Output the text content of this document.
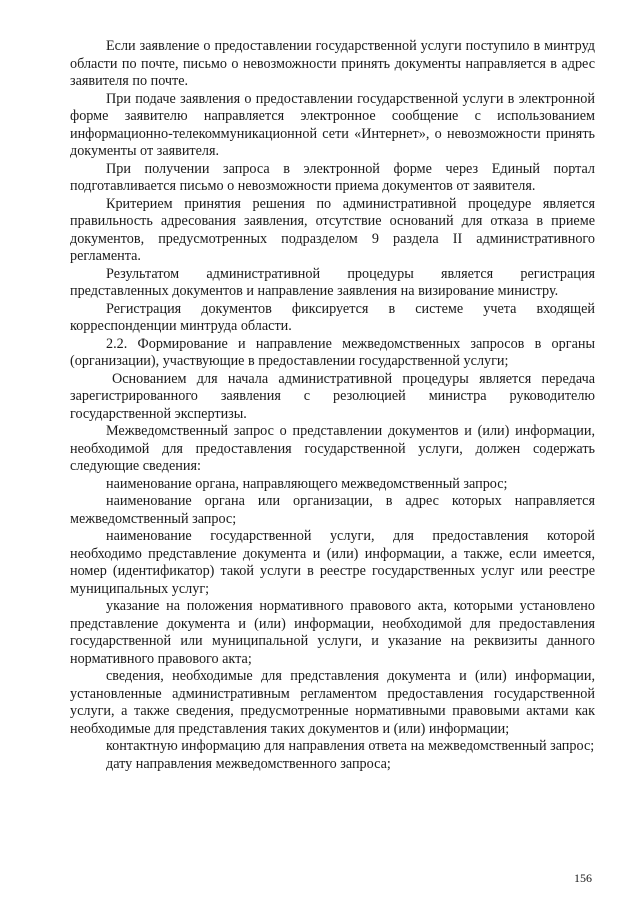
Если заявление о предоставлении государственной услуги поступило в минтруд области по почте, письмо о невозможности принять документы направляется в адрес заявителя по почте.

При подаче заявления о предоставлении государственной услуги в электронной форме заявителю направляется электронное сообщение с использованием информационно-телекоммуникационной сети «Интернет», о невозможности принять документы от заявителя.

При получении запроса в электронной форме через Единый портал подготавливается письмо о невозможности приема документов от заявителя.

Критерием принятия решения по административной процедуре является правильность адресования заявления, отсутствие оснований для отказа в приеме документов, предусмотренных подразделом 9 раздела II административного регламента.

Результатом административной процедуры является регистрация представленных документов и направление заявления на визирование министру.

Регистрация документов фиксируется в системе учета входящей корреспонденции минтруда области.

2.2. Формирование и направление межведомственных запросов в органы (организации), участвующие в предоставлении государственной услуги;

Основанием для начала административной процедуры является передача зарегистрированного заявления с резолюцией министра руководителю государственной экспертизы.

Межведомственный запрос о представлении документов и (или) информации, необходимой для предоставления государственной услуги, должен содержать следующие сведения:

наименование органа, направляющего межведомственный запрос;

наименование органа или организации, в адрес которых направляется межведомственный запрос;

наименование государственной услуги, для предоставления которой необходимо представление документа и (или) информации, а также, если имеется, номер (идентификатор) такой услуги в реестре государственных услуг или реестре муниципальных услуг;

указание на положения нормативного правового акта, которыми установлено представление документа и (или) информации, необходимой для предоставления государственной или муниципальной услуги, и указание на реквизиты данного нормативного правового акта;

сведения, необходимые для представления документа и (или) информации, установленные административным регламентом предоставления государственной услуги, а также сведения, предусмотренные нормативными правовыми актами как необходимые для представления таких документов и (или) информации;

контактную информацию для направления ответа на межведомственный запрос;

дату направления межведомственного запроса;

156
